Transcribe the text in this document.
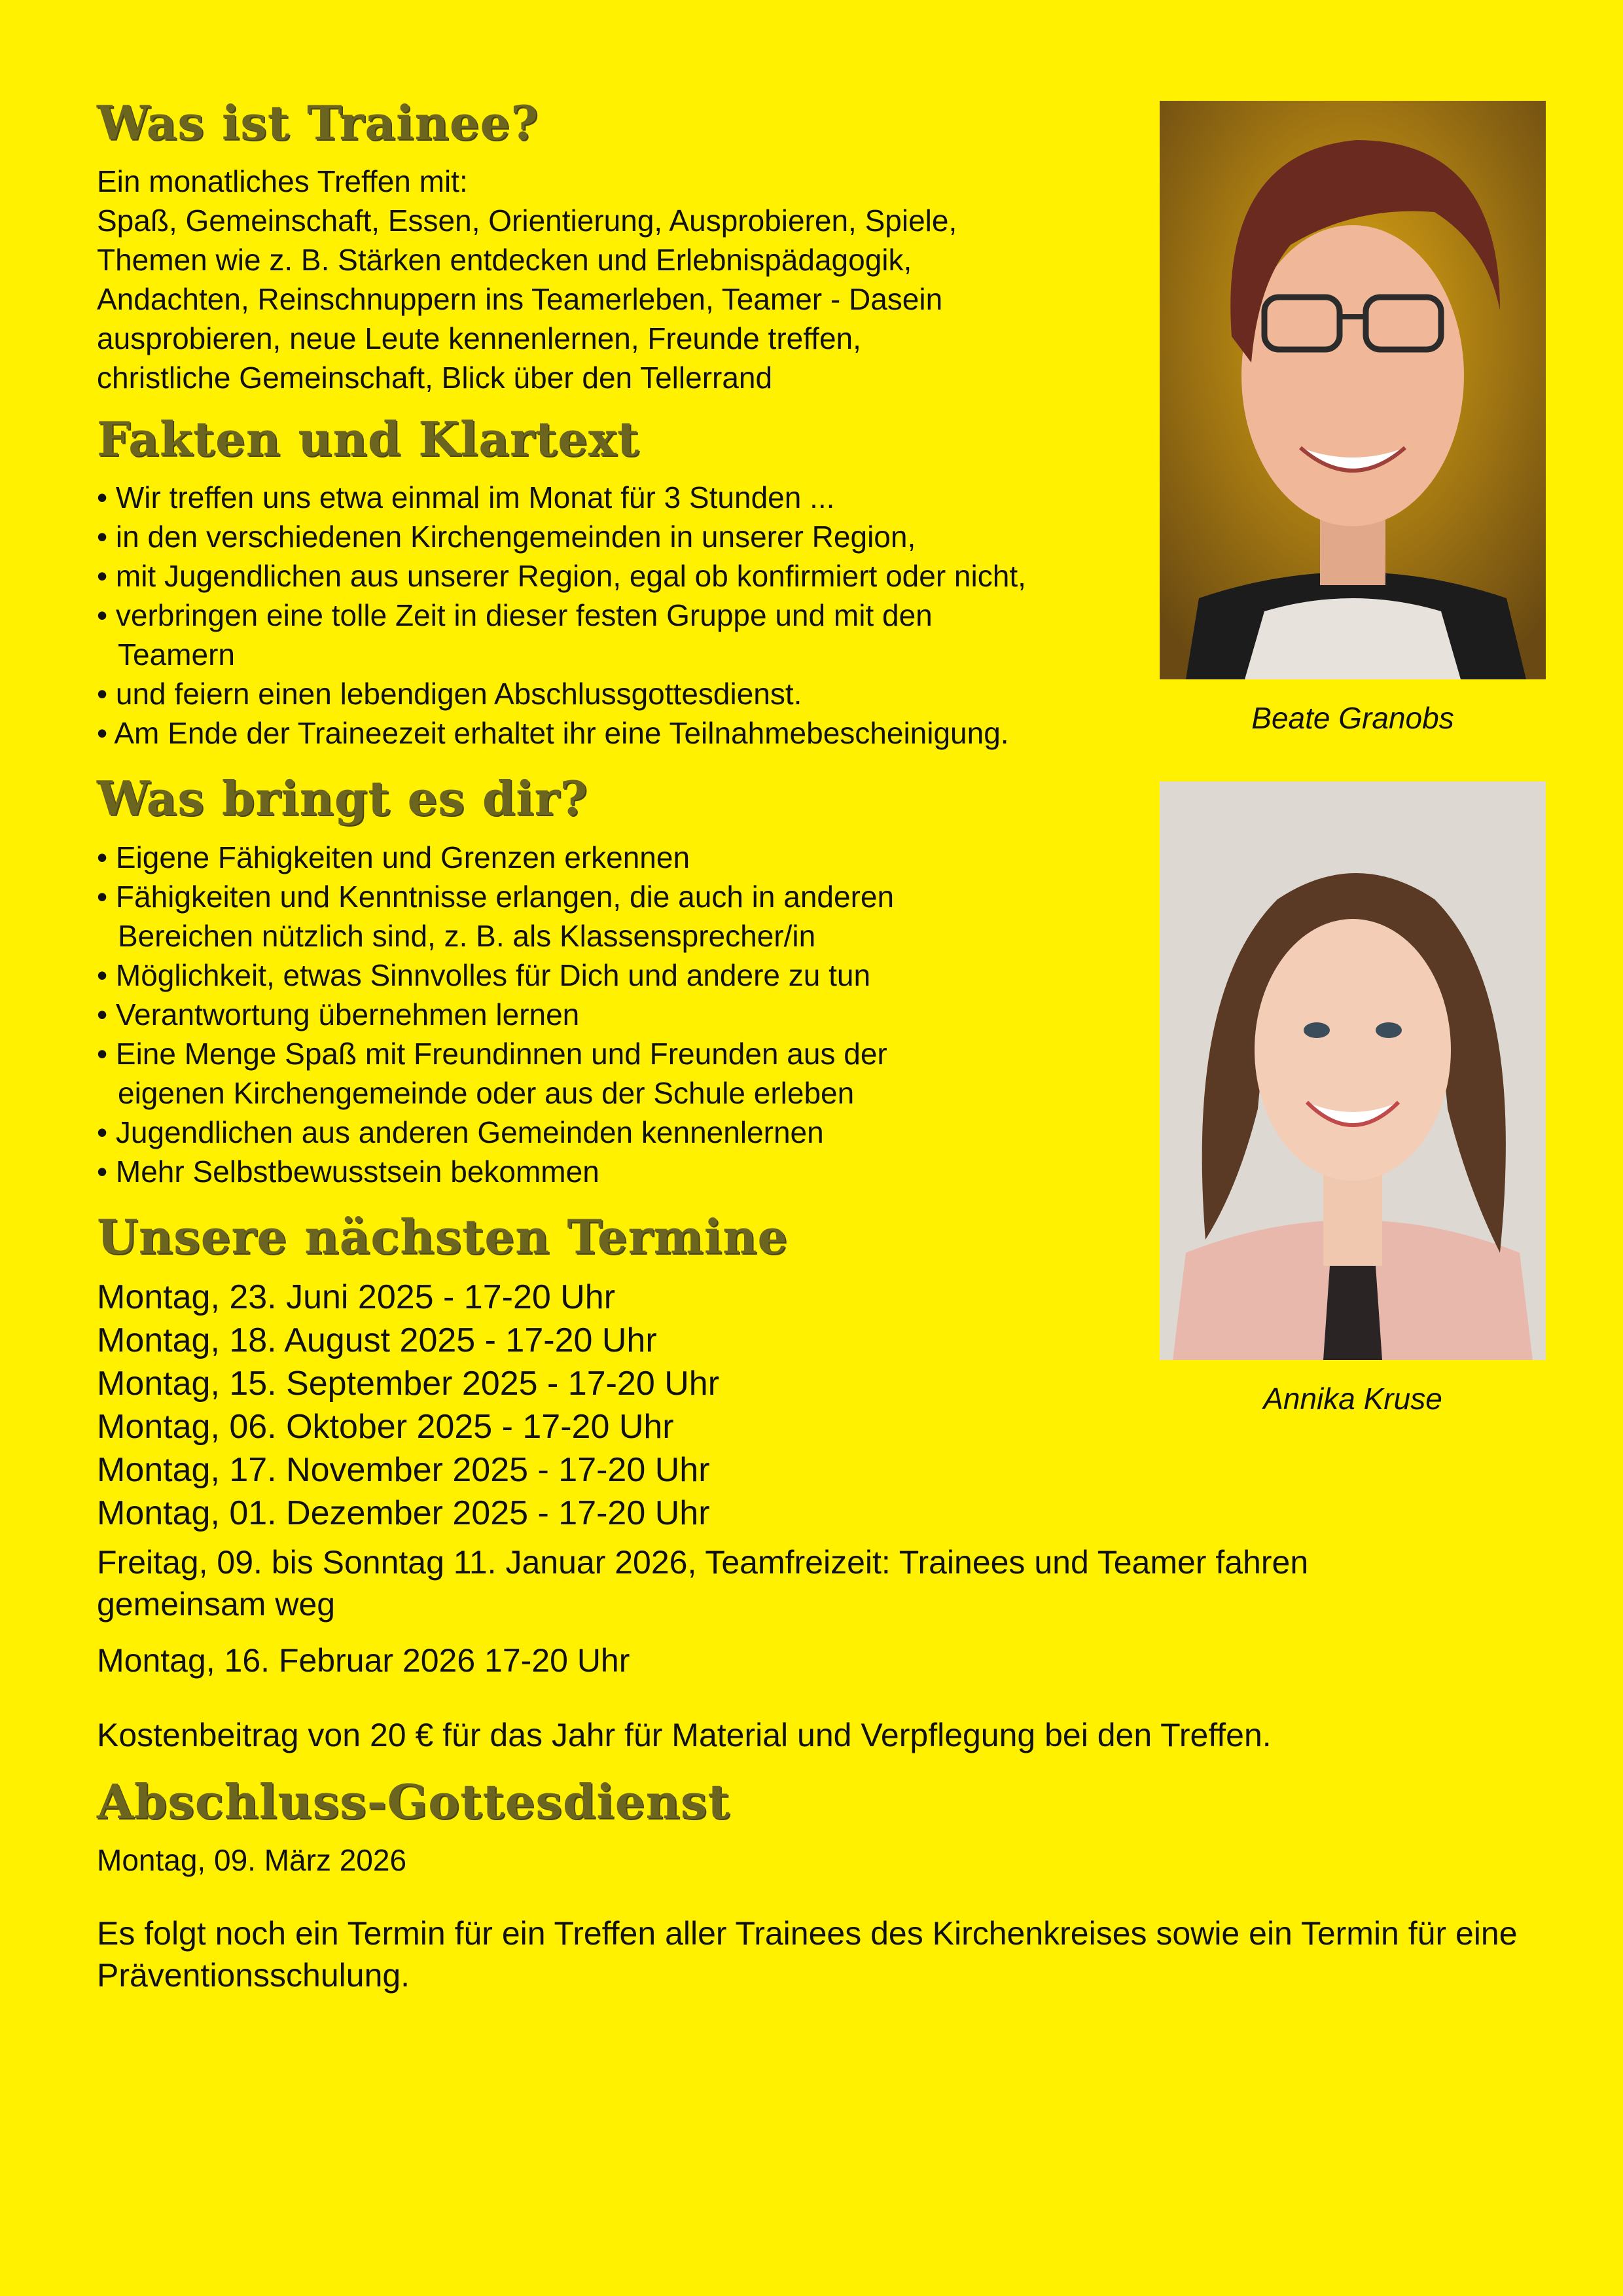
Was ist Trainee?

Ein monatliches Treffen mit:

Spaß, Gemeinschaft, Essen, Orientierung, Ausprobieren, Spiele,

Themen wie z. B. Stärken entdecken und Erlebnispädagogik,

Andachten, Reinschnuppern ins Teamerleben, Teamer - Dasein

ausprobieren, neue Leute kennenlernen, Freunde treffen,

christliche Gemeinschaft, Blick über den Tellerrand

Fakten und Klartext
• Wir treffen uns etwa einmal im Monat für 3 Stunden ...
• in den verschiedenen Kirchengemeinden in unserer Region,
• mit Jugendlichen aus unserer Region, egal ob konfirmiert oder nicht,
• verbringen eine tolle Zeit in dieser festen Gruppe und mit den Teamern
• und feiern einen lebendigen Abschlussgottesdienst.
• Am Ende der Traineezeit erhaltet ihr eine Teilnahmebescheinigung.
Was bringt es dir?
• Eigene Fähigkeiten und Grenzen erkennen
• Fähigkeiten und Kenntnisse erlangen, die auch in anderen Bereichen nützlich sind, z. B. als Klassensprecher/in
• Möglichkeit, etwas Sinnvolles für Dich und andere zu tun
• Verantwortung übernehmen lernen
• Eine Menge Spaß mit Freundinnen und Freunden aus der eigenen Kirchengemeinde oder aus der Schule erleben
• Jugendlichen aus anderen Gemeinden kennenlernen
• Mehr Selbstbewusstsein bekommen
Unsere nächsten Termine
Montag, 23. Juni 2025 - 17-20 Uhr
Montag, 18. August 2025 - 17-20 Uhr
Montag, 15. September 2025 - 17-20 Uhr
Montag, 06. Oktober 2025 - 17-20 Uhr
Montag, 17. November 2025 - 17-20 Uhr
Montag, 01. Dezember 2025 - 17-20 Uhr
Freitag, 09. bis Sonntag 11. Januar 2026, Teamfreizeit: Trainees und Teamer fahren gemeinsam weg
Montag, 16. Februar 2026 17-20 Uhr
Kostenbeitrag von 20 € für das Jahr für Material und Verpflegung bei den Treffen.
Abschluss-Gottesdienst
Montag, 09. März 2026
Es folgt noch ein Termin für ein Treffen aller Trainees des Kirchenkreises sowie ein Termin für eine Präventionsschulung.
Beate Granobs
Annika Kruse
